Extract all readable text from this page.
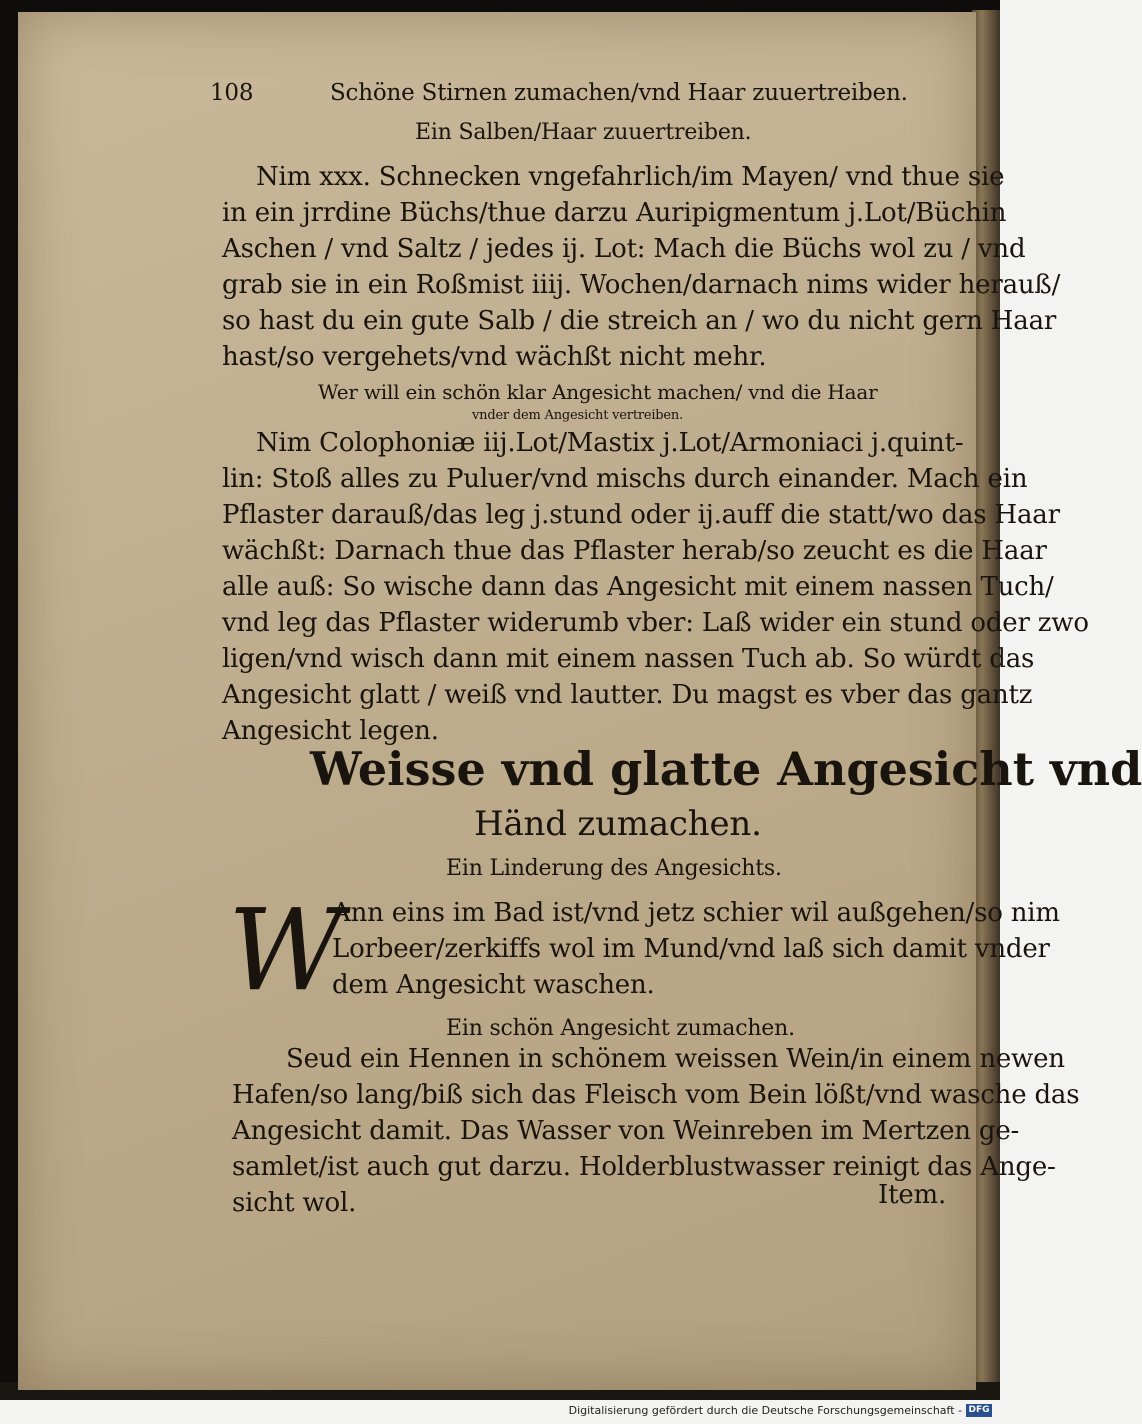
108	Schöne Stirnen zumachen/vnd Haar zuuertreiben.
Ein Salben/Haar zuuertreiben.
Nim xxx. Schnecken vngefahrlich/im Mayen/ vnd thue sie
in ein jrrdine Büchs/thue darzu Auripigmentum j.Lot/Büchin
Aschen / vnd Saltz / jedes ij. Lot: Mach die Büchs wol zu / vnd
grab sie in ein Roßmist iiij. Wochen/darnach nims wider herauß/
so hast du ein gute Salb / die streich an / wo du nicht gern Haar
hast/so vergehets/vnd wächßt nicht mehr.
Wer will ein schön klar Angesicht machen/ vnd die Haar
vnder dem Angesicht vertreiben.
Nim Colophoniæ iij.Lot/Mastix j.Lot/Armoniaci j.quint-
lin: Stoß alles zu Puluer/vnd mischs durch einander. Mach ein
Pflaster darauß/das leg j.stund oder ij.auff die statt/wo das Haar
wächßt: Darnach thue das Pflaster herab/so zeucht es die Haar
alle auß: So wische dann das Angesicht mit einem nassen Tuch/
vnd leg das Pflaster widerumb vber: Laß wider ein stund oder zwo
ligen/vnd wisch dann mit einem nassen Tuch ab. So würdt das
Angesicht glatt / weiß vnd lautter. Du magst es vber das gantz
Angesicht legen.
Weisse vnd glatte Angesicht vnd
Händ zumachen.
Ein Linderung des Angesichts.
W
Ann eins im Bad ist/vnd jetz schier wil außgehen/so nim
Lorbeer/zerkiffs wol im Mund/vnd laß sich damit vnder
dem Angesicht waschen.
Ein schön Angesicht zumachen.
Seud ein Hennen in schönem weissen Wein/in einem newen
Hafen/so lang/biß sich das Fleisch vom Bein lößt/vnd wasche das
Angesicht damit. Das Wasser von Weinreben im Mertzen ge-
samlet/ist auch gut darzu. Holderblustwasser reinigt das Ange-
sicht wol.	Item.
Digitalisierung gefördert durch die Deutsche Forschungsgemeinschaft - DFG
